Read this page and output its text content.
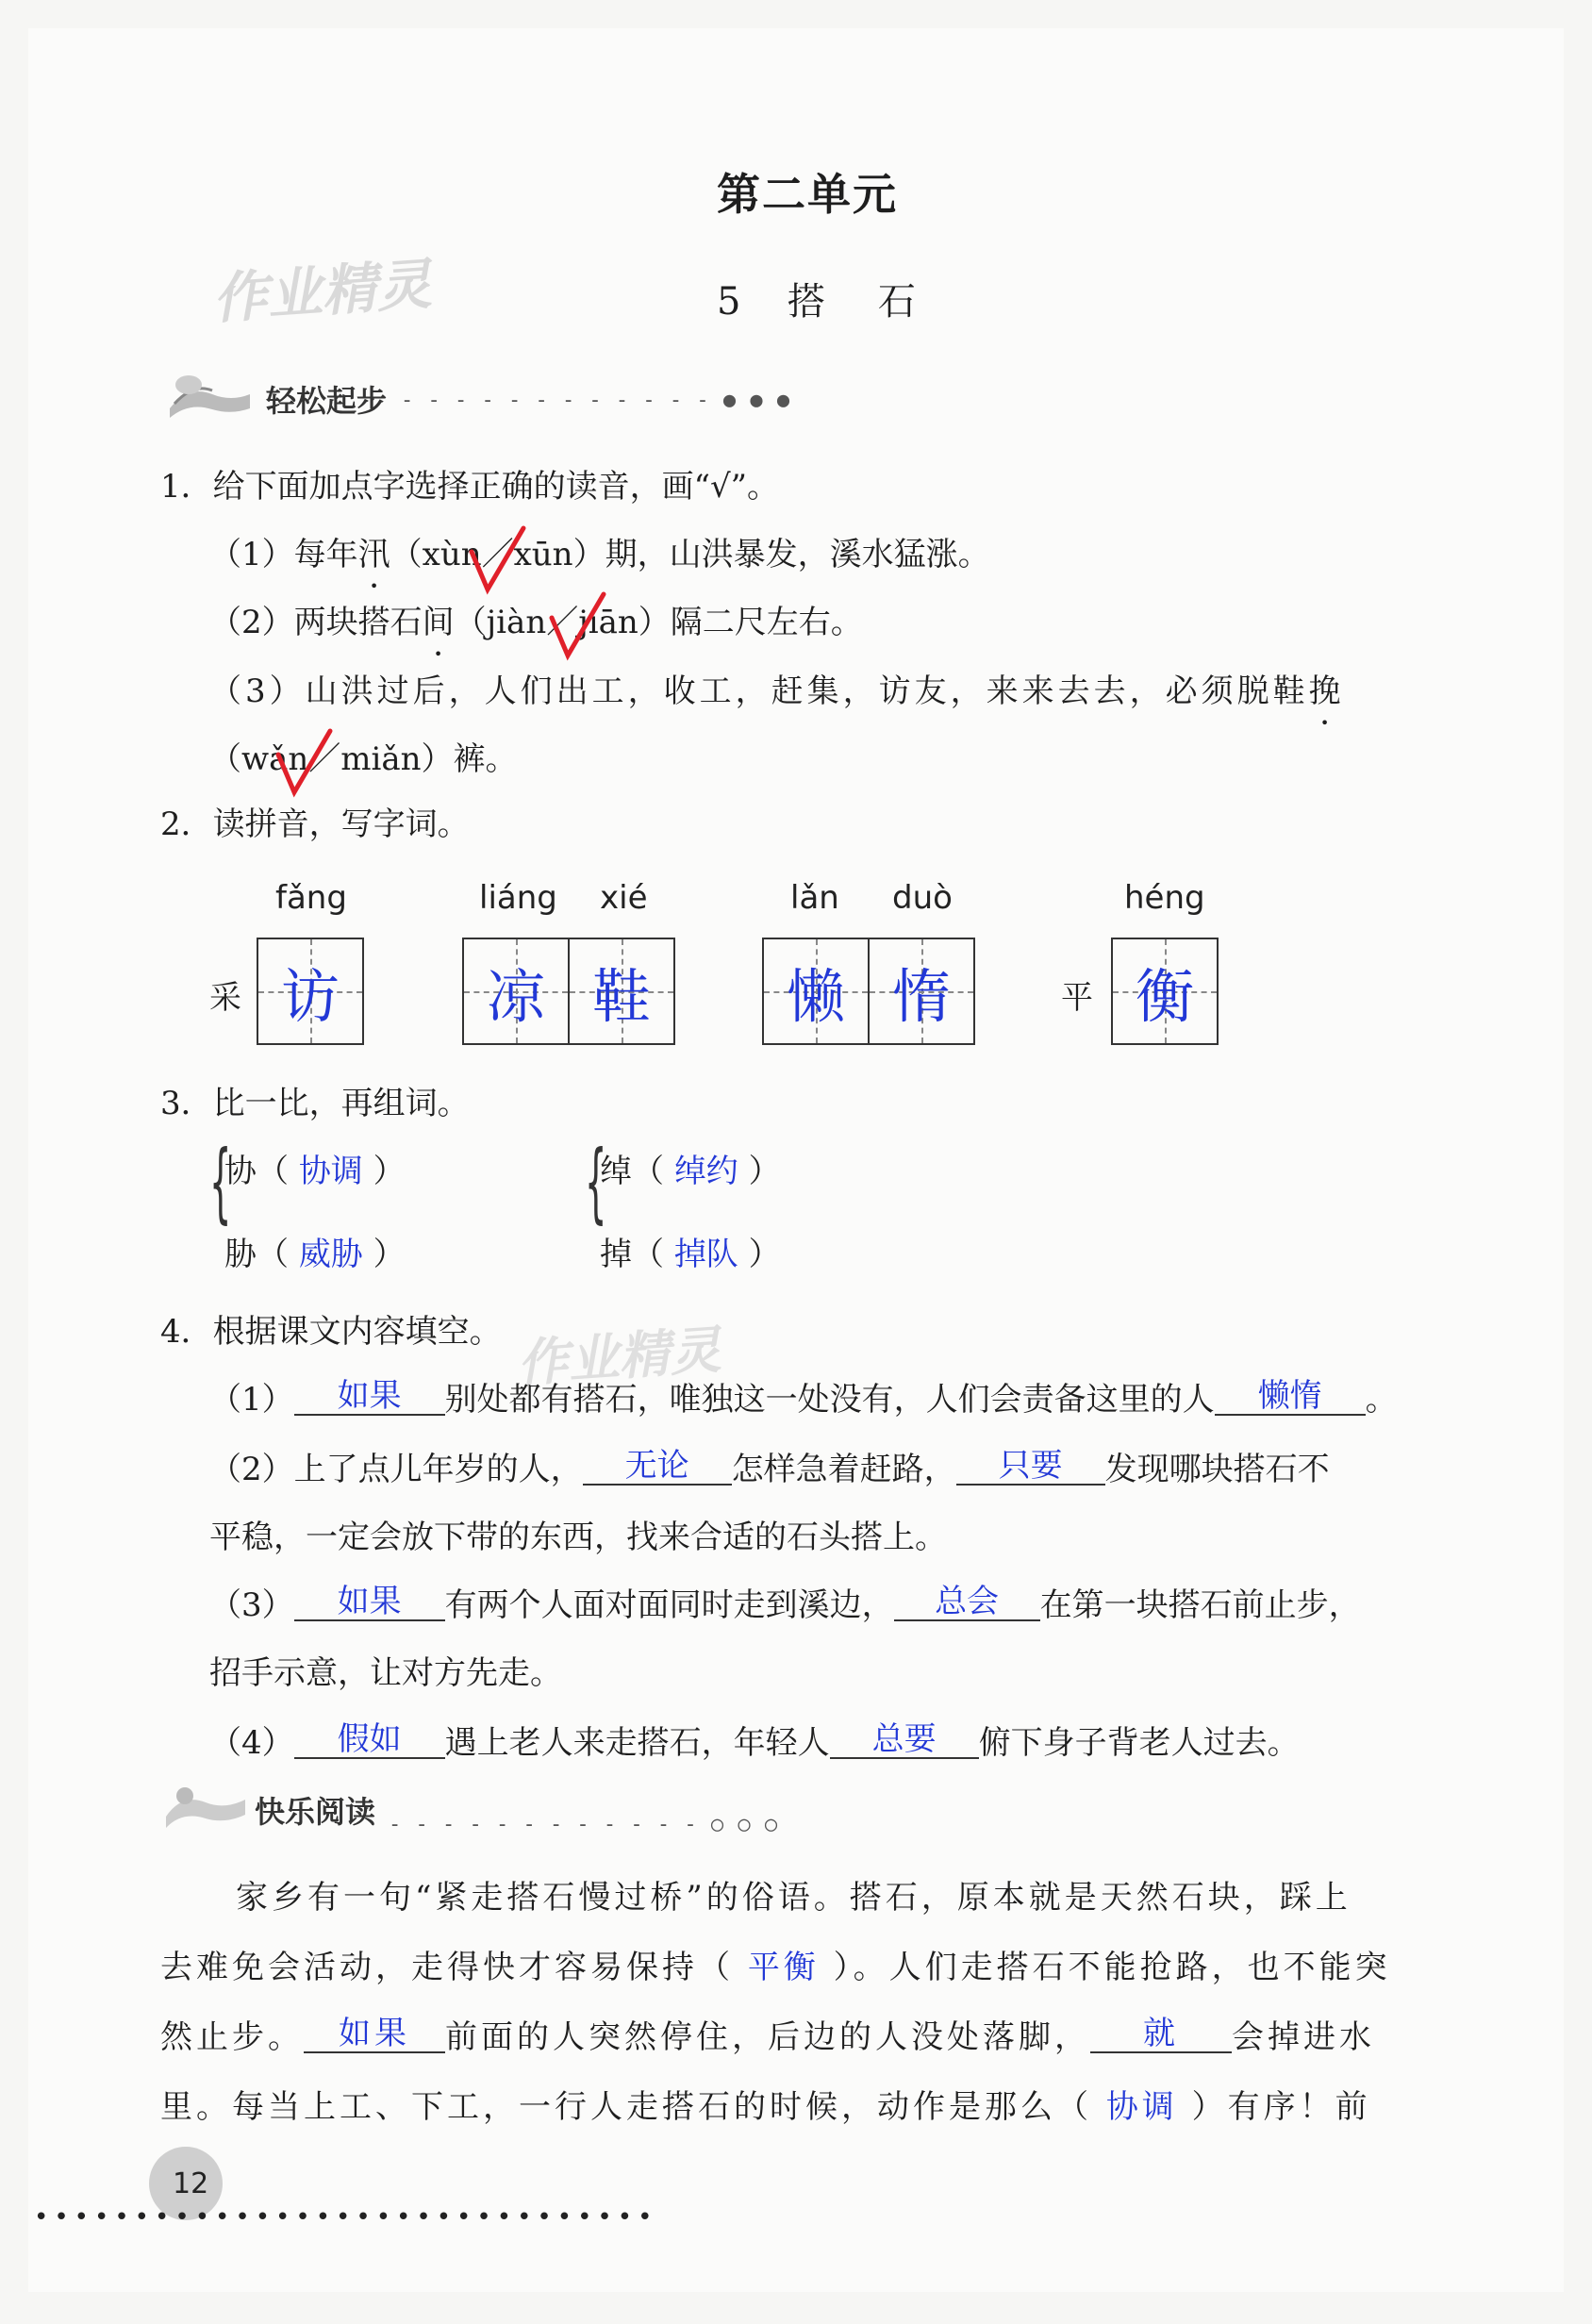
第二单元
作业精灵	5 搭　石
轻松起步 - - - - - - - - - - - - ● ● ●
1．给下面加点字选择正确的读音，画“√”。
（1）每年汛（xùn／xūn）期，山洪暴发，溪水猛涨。
（2）两块搭石间（jiàn／jiān）隔二尺左右。
（3）山洪过后，人们出工，收工，赶集，访友，来来去去，必须脱鞋挽
（wǎn／miǎn）裤。
2．读拼音，写字词。
fǎng
采 访
liáng xié
凉 鞋
lǎn duò
懒 惰
héng
平 衡
3．比一比，再组词。
{	{
协（ 协调 ）
胁（ 威胁 ）
绰（ 绰约 ）
掉（ 掉队 ）
4．根据课文内容填空。 作业精灵
（1） 如果 别处都有搭石，唯独这一处没有，人们会责备这里的人 懒惰 。
（2）上了点儿年岁的人， 无论 怎样急着赶路， 只要 发现哪块搭石不
平稳，一定会放下带的东西，找来合适的石头搭上。
（3） 如果 有两个人面对面同时走到溪边， 总会 在第一块搭石前止步，
招手示意，让对方先走。
（4） 假如 遇上老人来走搭石，年轻人 总要 俯下身子背老人过去。
快乐阅读 - - - - - - - - - - - - ○ ○ ○
家乡有一句“紧走搭石慢过桥”的俗语。搭石，原本就是天然石块，踩上
去难免会活动，走得快才容易保持（ 平衡 ）。人们走搭石不能抢路，也不能突
然止步。 如果 前面的人突然停住，后边的人没处落脚， 就 会掉进水
里。每当上工、下工，一行人走搭石的时候，动作是那么（ 协调 ）有序！前
12
•••••••••••••••••••••••••••••••
